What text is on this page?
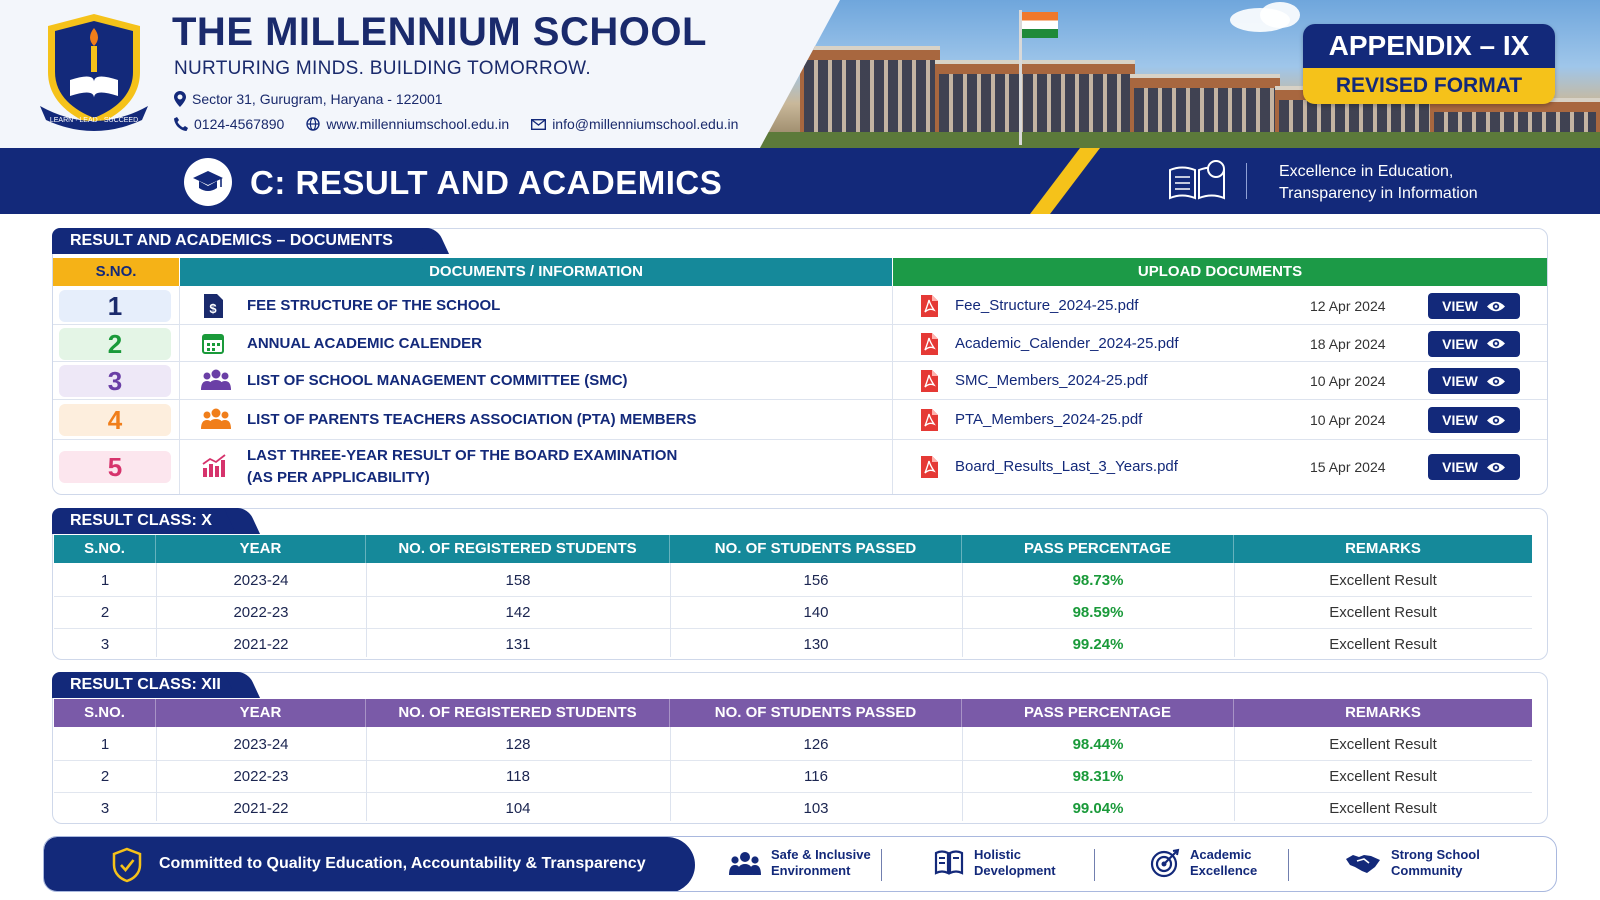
LEARN · LEAD · SUCCEED
THE MILLENNIUM SCHOOL
NURTURING MINDS. BUILDING TOMORROW.
Sector 31, Gurugram, Haryana - 122001
0124-4567890	www.millenniumschool.edu.in	info@millenniumschool.edu.in
APPENDIX – IX
REVISED FORMAT
C: RESULT AND ACADEMICS	Excellence in Education,
Transparency in Information
RESULT AND ACADEMICS – DOCUMENTS
S.NO.	DOCUMENTS / INFORMATION	UPLOAD DOCUMENTS
1	$ FEE STRUCTURE OF THE SCHOOL	Fee_Structure_2024-25.pdf	12 Apr 2024	VIEW
2	ANNUAL ACADEMIC CALENDER	Academic_Calender_2024-25.pdf	18 Apr 2024	VIEW
3	LIST OF SCHOOL MANAGEMENT COMMITTEE (SMC)	SMC_Members_2024-25.pdf	10 Apr 2024	VIEW
4	LIST OF PARENTS TEACHERS ASSOCIATION (PTA) MEMBERS	PTA_Members_2024-25.pdf	10 Apr 2024	VIEW
5	LAST THREE-YEAR RESULT OF THE BOARD EXAMINATION
(AS PER APPLICABILITY)
Board_Results_Last_3_Years.pdf	15 Apr 2024	VIEW
RESULT CLASS: X
S.NO.	YEAR	NO. OF REGISTERED STUDENTS	NO. OF STUDENTS PASSED	PASS PERCENTAGE	REMARKS
1	2023-24	158	156	98.73%	Excellent Result
2	2022-23	142	140	98.59%	Excellent Result
3	2021-22	131	130	99.24%	Excellent Result
RESULT CLASS: XII
S.NO.	YEAR	NO. OF REGISTERED STUDENTS	NO. OF STUDENTS PASSED	PASS PERCENTAGE	REMARKS
1	2023-24	128	126	98.44%	Excellent Result
2	2022-23	118	116	98.31%	Excellent Result
3	2021-22	104	103	99.04%	Excellent Result
Committed to Quality Education, Accountability & Transparency
Safe & Inclusive
Environment
Holistic
Development
Academic
Excellence
Strong School
Community
